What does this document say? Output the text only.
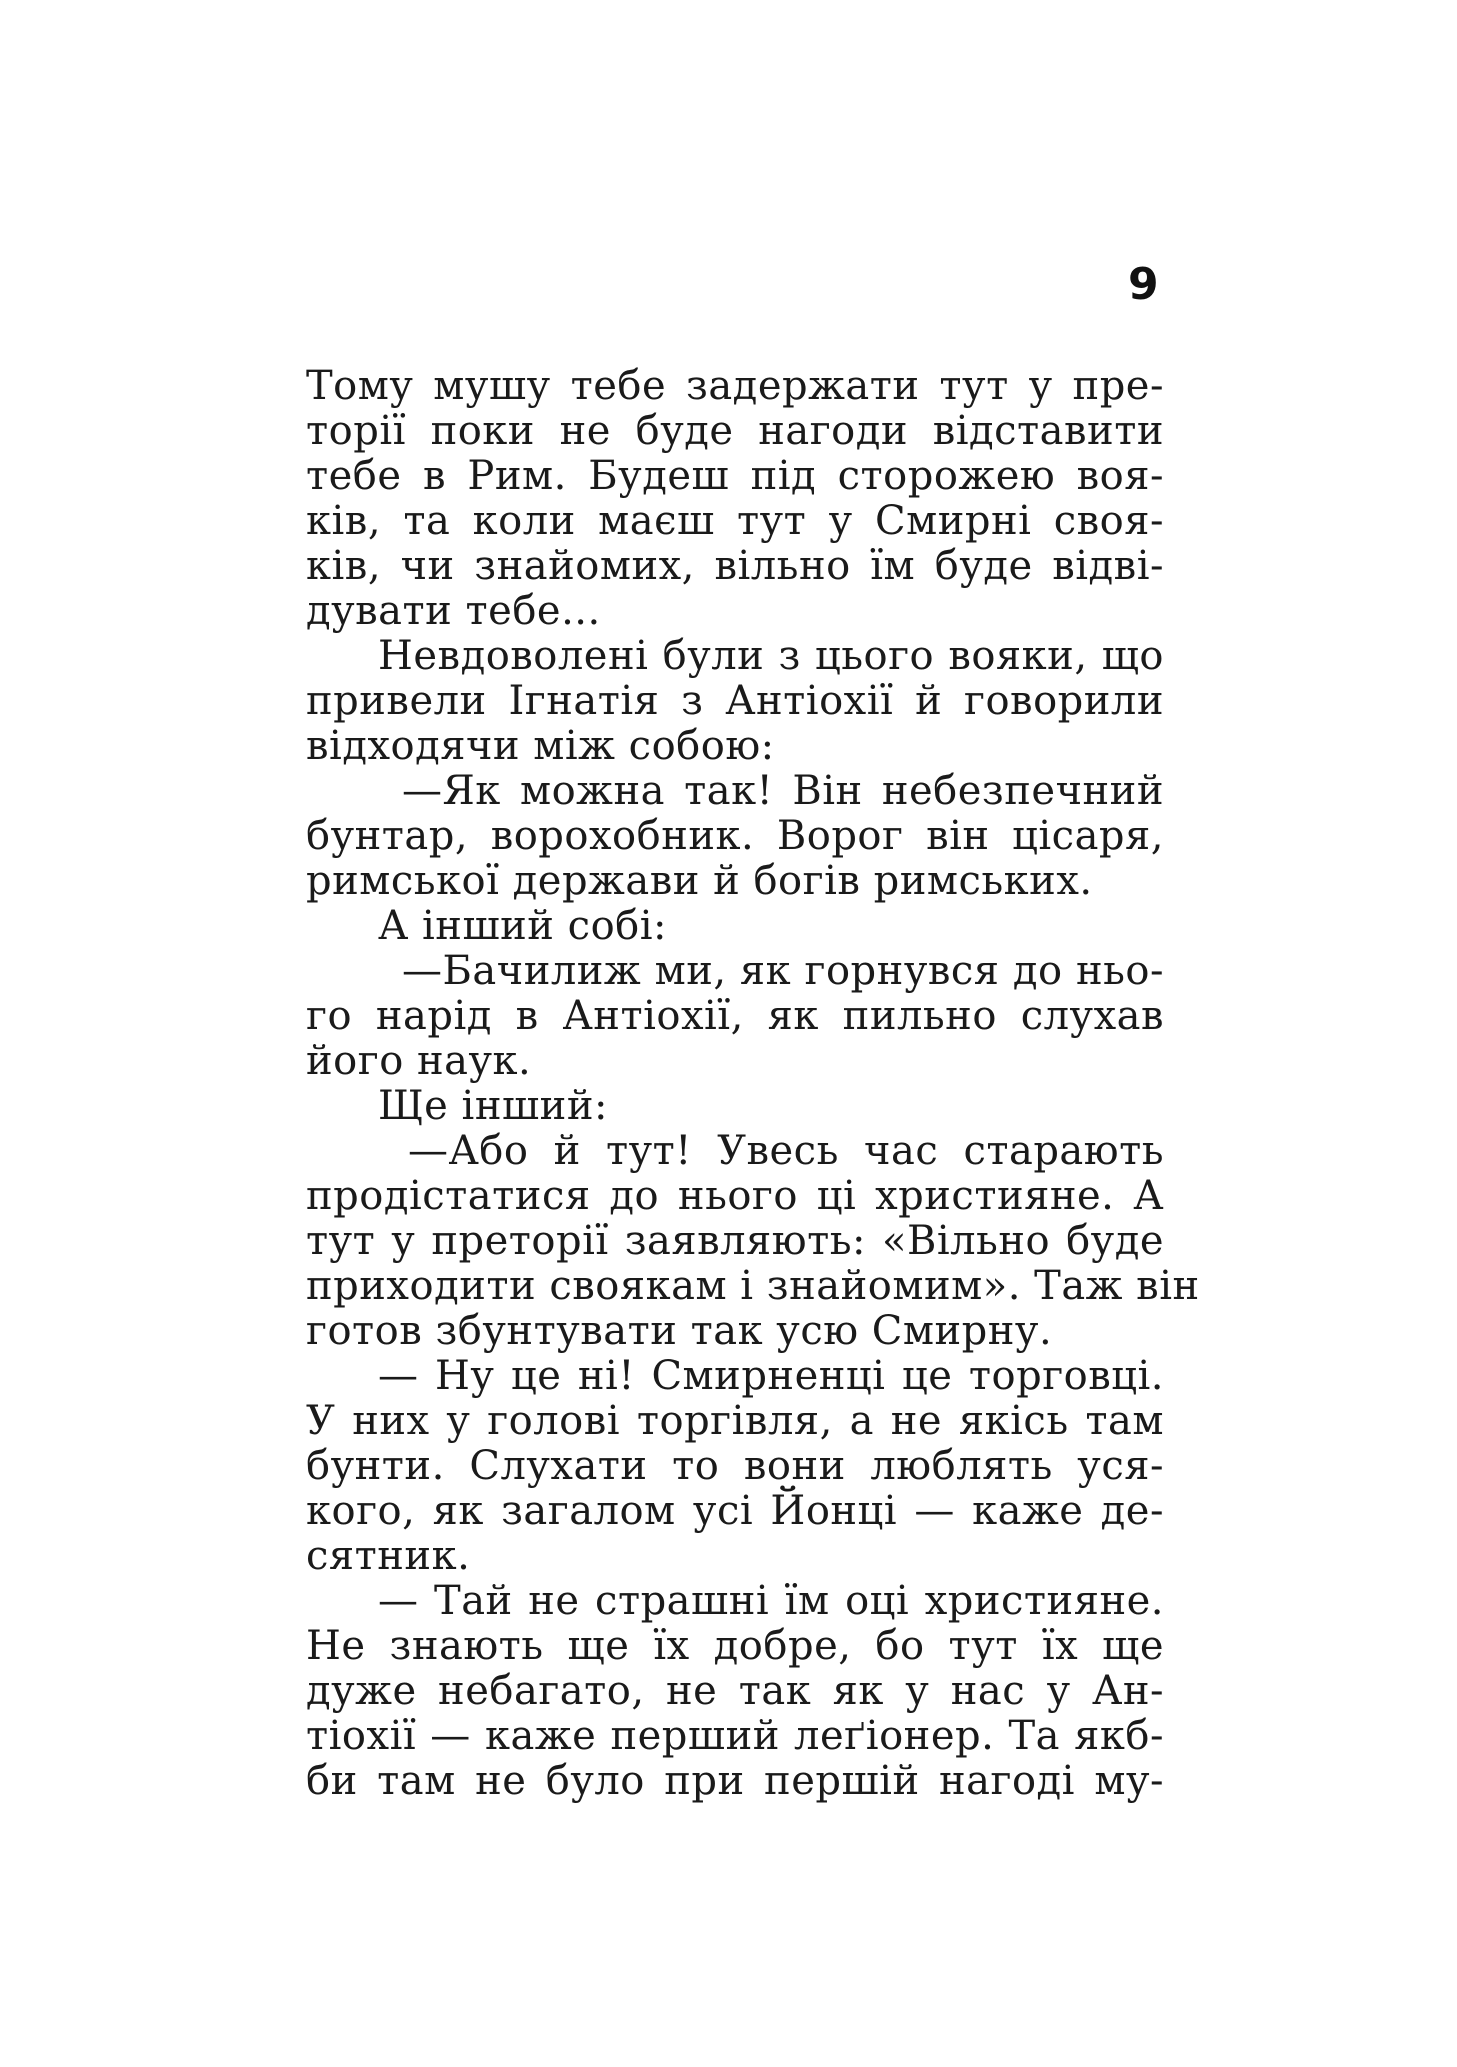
9
Тому мушу тебе задержати тут у пре-
торії поки не буде нагоди відставити
тебе в Рим. Будеш під сторожею воя-
ків, та коли маєш тут у Смирні своя-
ків, чи знайомих, вільно їм буде відві-
дувати тебе...
Невдоволені були з цього вояки, що
привели Ігнатія з Антіохії й говорили
відходячи між собою:
—Як можна так! Він небезпечний
бунтар, ворохобник. Ворог він цісаря,
римської держави й богів римських.
А інший собі:
—Бачилиж ми, як горнувся до ньо-
го нарід в Антіохії, як пильно слухав
його наук.
Ще інший:
—Або й тут! Увесь час старають
продістатися до нього ці християне. А
тут у преторії заявляють: «Вільно буде
приходити своякам і знайомим». Таж він
готов збунтувати так усю Смирну.
— Ну це ні! Смирненці це торговці.
У них у голові торгівля, а не якісь там
бунти. Слухати то вони люблять уся-
кого, як загалом усі Йонці — каже де-
сятник.
— Тай не страшні їм оці християне.
Не знають ще їх добре, бо тут їх ще
дуже небагато, не так як у нас у Ан-
тіохії — каже перший леґіонер. Та якб-
би там не було при першій нагоді му-
